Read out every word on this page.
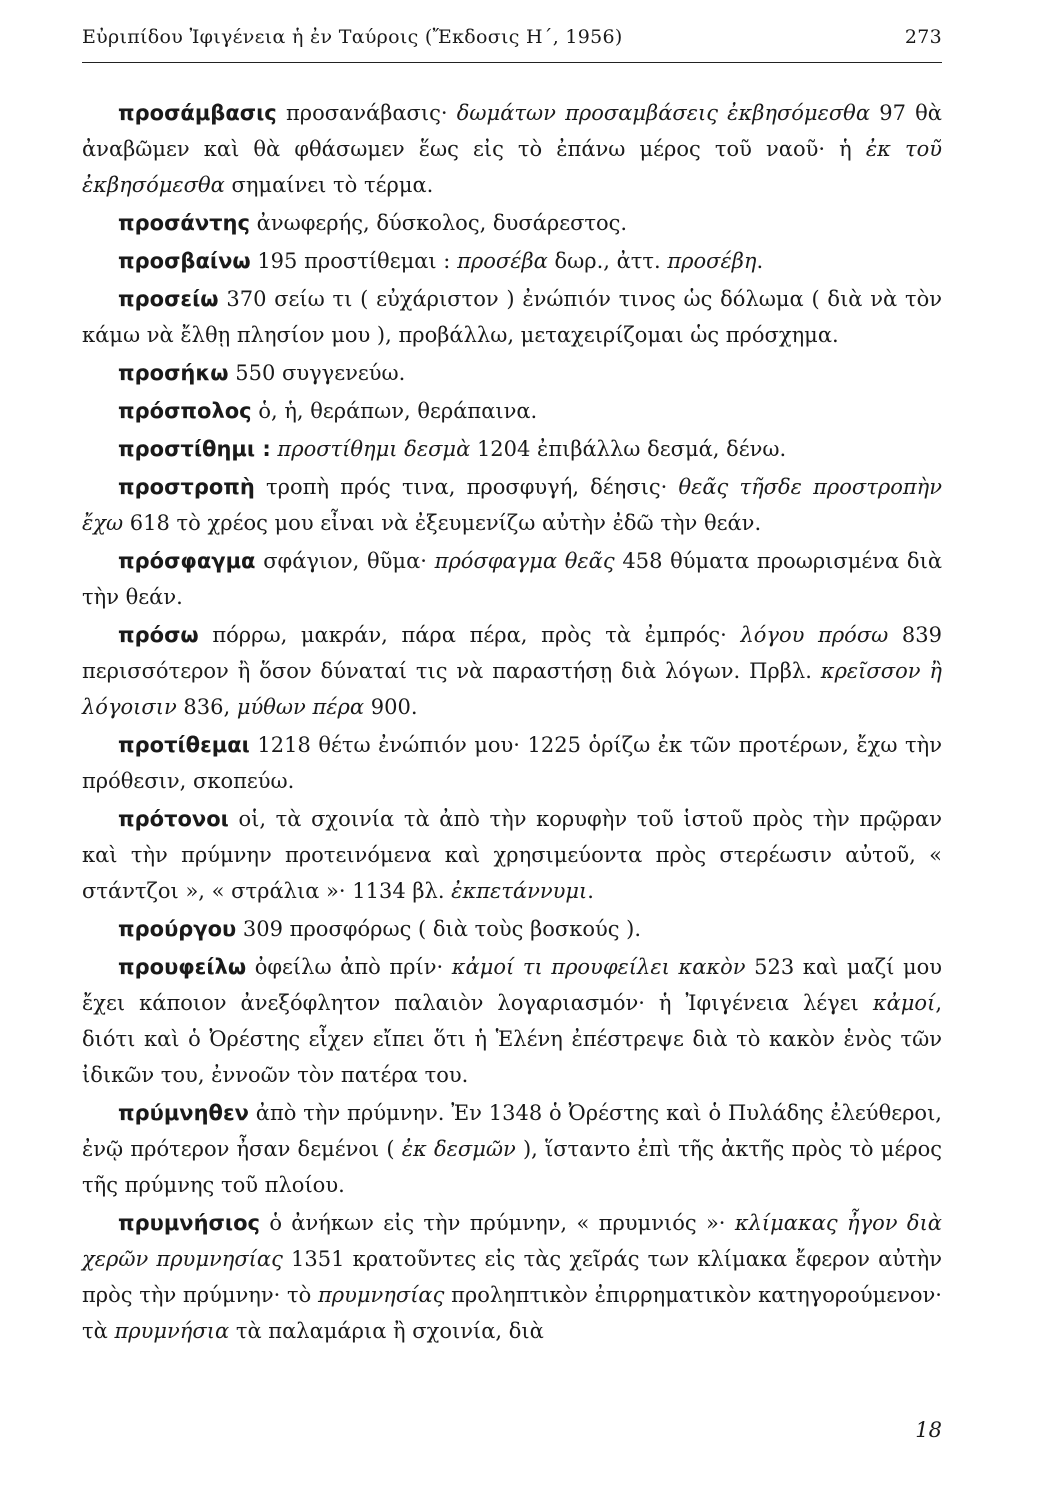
Εὐριπίδου Ἰφιγένεια ἡ ἐν Ταύροις (Ἔκδοσις Η΄, 1956)	273

προσάμβασις προσανάβασις· δωμάτων προσαμβάσεις ἐκβησόμεσθα 97 θὰ ἀναβῶμεν καὶ θὰ φθάσωμεν ἕως εἰς τὸ ἐπάνω μέρος τοῦ ναοῦ· ἡ ἐκ τοῦ ἐκβησόμεσθα σημαίνει τὸ τέρμα.

προσάντης ἀνωφερής, δύσκολος, δυσάρεστος.

προσβαίνω 195 προστίθεμαι : προσέβα δωρ., ἀττ. προσέβη.

προσείω 370 σείω τι ( εὐχάριστον ) ἐνώπιόν τινος ὡς δόλωμα ( διὰ νὰ τὸν κάμω νὰ ἔλθῃ πλησίον μου ), προβάλλω, μεταχειρίζομαι ὡς πρόσχημα.

προσήκω 550 συγγενεύω.

πρόσπολος ὁ, ἡ, θεράπων, θεράπαινα.

προστίθημι : προστίθημι δεσμὰ 1204 ἐπιβάλλω δεσμά, δένω.

προστροπὴ τροπὴ πρός τινα, προσφυγή, δέησις· θεᾶς τῆσδε προστροπὴν ἔχω 618 τὸ χρέος μου εἶναι νὰ ἐξευμενίζω αὐτὴν ἐδῶ τὴν θεάν.

πρόσφαγμα σφάγιον, θῦμα· πρόσφαγμα θεᾶς 458 θύματα προωρισμένα διὰ τὴν θεάν.

πρόσω πόρρω, μακράν, πάρα πέρα, πρὸς τὰ ἐμπρός· λόγου πρόσω 839 περισσότερον ἢ ὅσον δύναταί τις νὰ παραστήσῃ διὰ λόγων. Πρβλ. κρεῖσσον ἢ λόγοισιν 836, μύθων πέρα 900.

προτίθεμαι 1218 θέτω ἐνώπιόν μου· 1225 ὁρίζω ἐκ τῶν προτέρων, ἔχω τὴν πρόθεσιν, σκοπεύω.

πρότονοι οἱ, τὰ σχοινία τὰ ἀπὸ τὴν κορυφὴν τοῦ ἱστοῦ πρὸς τὴν πρῷραν καὶ τὴν πρύμνην προτεινόμενα καὶ χρησιμεύοντα πρὸς στερέωσιν αὐτοῦ, « στάντζοι », « στράλια »· 1134 βλ. ἐκπετάννυμι.

προύργου 309 προσφόρως ( διὰ τοὺς βοσκούς ).

προυφείλω ὀφείλω ἀπὸ πρίν· κἀμοί τι προυφείλει κακὸν 523 καὶ μαζί μου ἔχει κάποιον ἀνεξόφλητον παλαιὸν λογαριασμόν· ἡ Ἰφιγένεια λέγει κἀμοί, διότι καὶ ὁ Ὀρέστης εἶχεν εἴπει ὅτι ἡ Ἑλένη ἐπέστρεψε διὰ τὸ κακὸν ἑνὸς τῶν ἰδικῶν του, ἐννοῶν τὸν πατέρα του.

πρύμνηθεν ἀπὸ τὴν πρύμνην. Ἐν 1348 ὁ Ὀρέστης καὶ ὁ Πυλάδης ἐλεύθεροι, ἐνῷ πρότερον ἦσαν δεμένοι ( ἐκ δεσμῶν ), ἵσταντο ἐπὶ τῆς ἀκτῆς πρὸς τὸ μέρος τῆς πρύμνης τοῦ πλοίου.

πρυμνήσιος ὁ ἀνήκων εἰς τὴν πρύμνην, « πρυμνιός »· κλίμακας ἦγον διὰ χερῶν πρυμνησίας 1351 κρατοῦντες εἰς τὰς χεῖράς των κλίμακα ἔφερον αὐτὴν πρὸς τὴν πρύμνην· τὸ πρυμνησίας προληπτικὸν ἐπιρρηματικὸν κατηγορούμενον· τὰ πρυμνήσια τὰ παλαμάρια ἢ σχοινία, διὰ

18
